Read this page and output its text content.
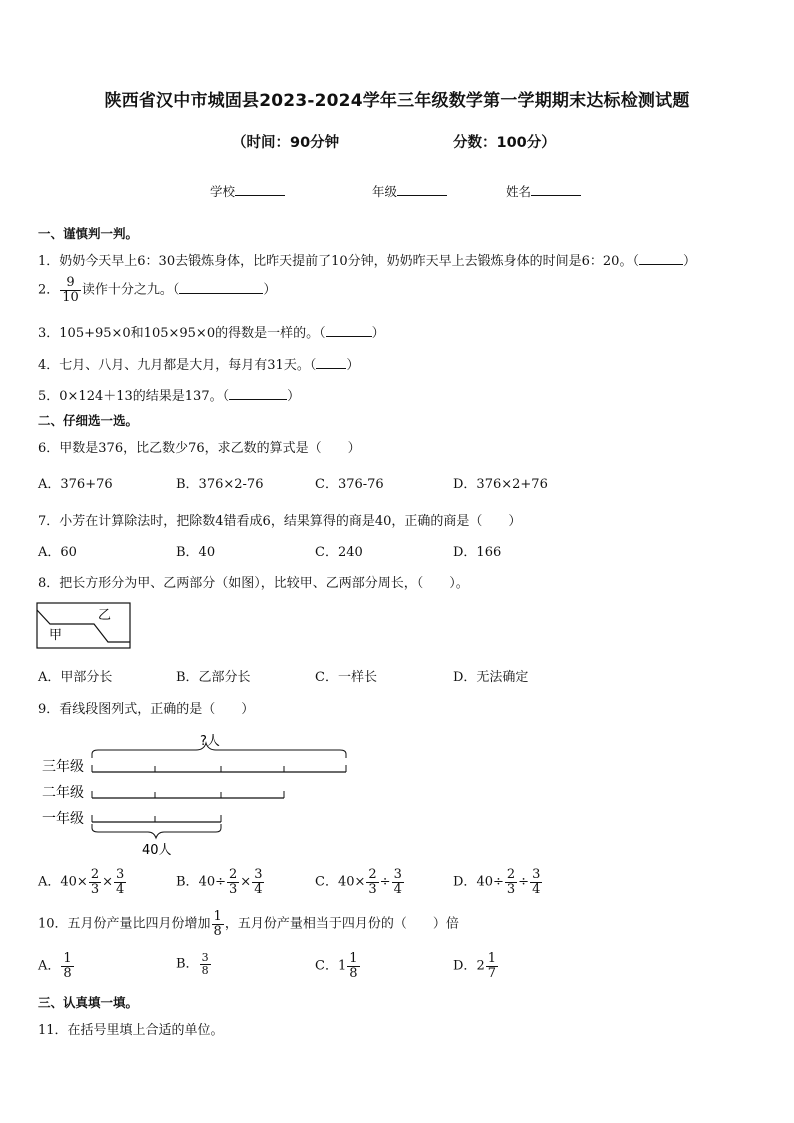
陕西省汉中市城固县2023-2024学年三年级数学第一学期期末达标检测试题
（时间：90分钟	分数：100分）
学校	年级	姓名
一、谨慎判一判。
1．奶奶今天早上6：30去锻炼身体，比昨天提前了10分钟，奶奶昨天早上去锻炼身体的时间是6：20。（	）
2． $\frac{9}{10}$ 读作十分之九。（	）
3．105+95×0和105×95×0的得数是一样的。（	）
4．七月、八月、九月都是大月，每月有31天。（ ）
5．0×124＋13的结果是137。（	）
二、仔细选一选。
6．甲数是376，比乙数少76，求乙数的算式是（　　）
A．376+76	B．376×2-76	C．376-76	D．376×2+76
7．小芳在计算除法时，把除数4错看成6，结果算得的商是40，正确的商是（　　）
A．60	B．40	C．240	D．166
8．把长方形分为甲、乙两部分（如图），比较甲、乙两部分周长，（　　）。
甲
乙
A．甲部分长	B．乙部分长	C．一样长	D．无法确定
9．看线段图列式，正确的是（　　）
?人
三年级
二年级
一年级
40人
A．$40\times \frac{2}{3} \times \frac{3}{4}$	B．$40\div \frac{2}{3} \times \frac{3}{4}$	C．$40\times \frac{2}{3} \div \frac{3}{4}$	D．$40\div \frac{2}{3} \div \frac{3}{4}$
10．五月份产量比四月份增加 $\frac{1}{8}$ ，五月份产量相当于四月份的（　　）倍
A． $\frac{1}{8}$	B． $\frac{3}{8}$	C．$1 \frac{1}{8}$	D．$2 \frac{1}{7}$
三、认真填一填。
11．在括号里填上合适的单位。
